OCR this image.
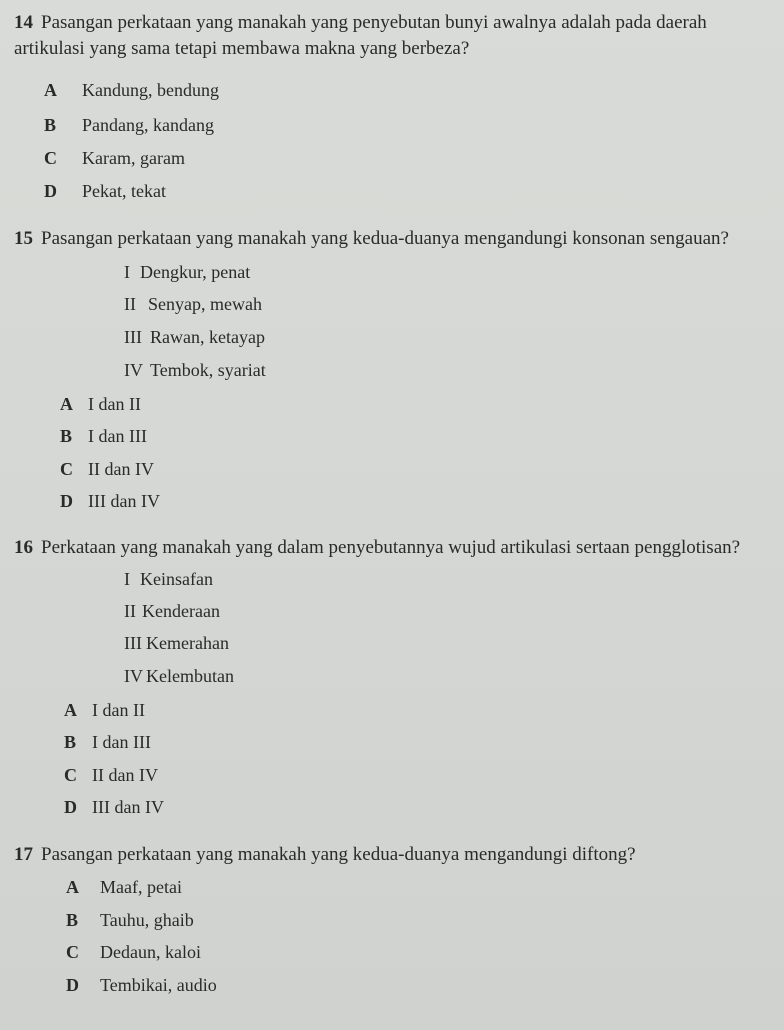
14 Pasangan perkataan yang manakah yang penyebutan bunyi awalnya adalah pada daerah artikulasi yang sama tetapi membawa makna yang berbeza?

A Kandung, bendung
B Pandang, kandang
C Karam, garam
D Pekat, tekat

15 Pasangan perkataan yang manakah yang kedua-duanya mengandungi konsonan sengauan?

I Dengkur, penat
II Senyap, mewah
III Rawan, ketayap
IV Tembok, syariat
A I dan II
B I dan III
C II dan IV
D III dan IV

16 Perkataan yang manakah yang dalam penyebutannya wujud artikulasi sertaan pengglotisan?

I Keinsafan
II Kenderaan
III Kemerahan
IV Kelembutan
A I dan II
B I dan III
C II dan IV
D III dan IV

17 Pasangan perkataan yang manakah yang kedua-duanya mengandungi diftong?

A Maaf, petai
B Tauhu, ghaib
C Dedaun, kaloi
D Tembikai, audio
